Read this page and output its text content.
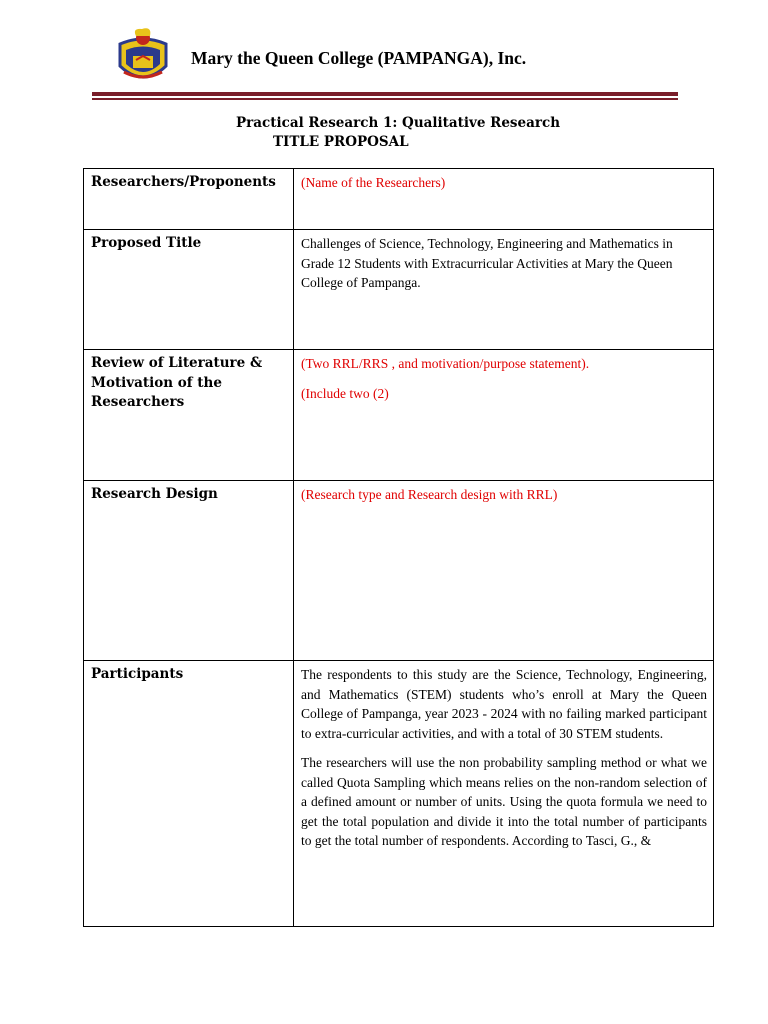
Mary the Queen College (PAMPANGA), Inc.
Practical Research 1: Qualitative Research
TITLE PROPOSAL
Researchers/Proponents	(Name of the Researchers)

Proposed Title	Challenges of Science, Technology, Engineering and Mathematics in Grade 12 Students with Extracurricular Activities at Mary the Queen College of Pampanga.

Review of Literature & Motivation of the Researchers	(Two RRL/RRS , and motivation/purpose statement).

(Include two (2)

Research Design	(Research type and Research design with RRL)

Participants	The respondents to this study are the Science, Technology, Engineering, and Mathematics (STEM) students who’s enroll at Mary the Queen College of Pampanga, year 2023 - 2024 with no failing marked participant to extra-curricular activities, and with a total of 30 STEM students.

The researchers will use the non probability sampling method or what we called Quota Sampling which means relies on the non-random selection of a defined amount or number of units. Using the quota formula we need to get the total population and divide it into the total number of participants to get the total number of respondents. According to Tasci, G., &
